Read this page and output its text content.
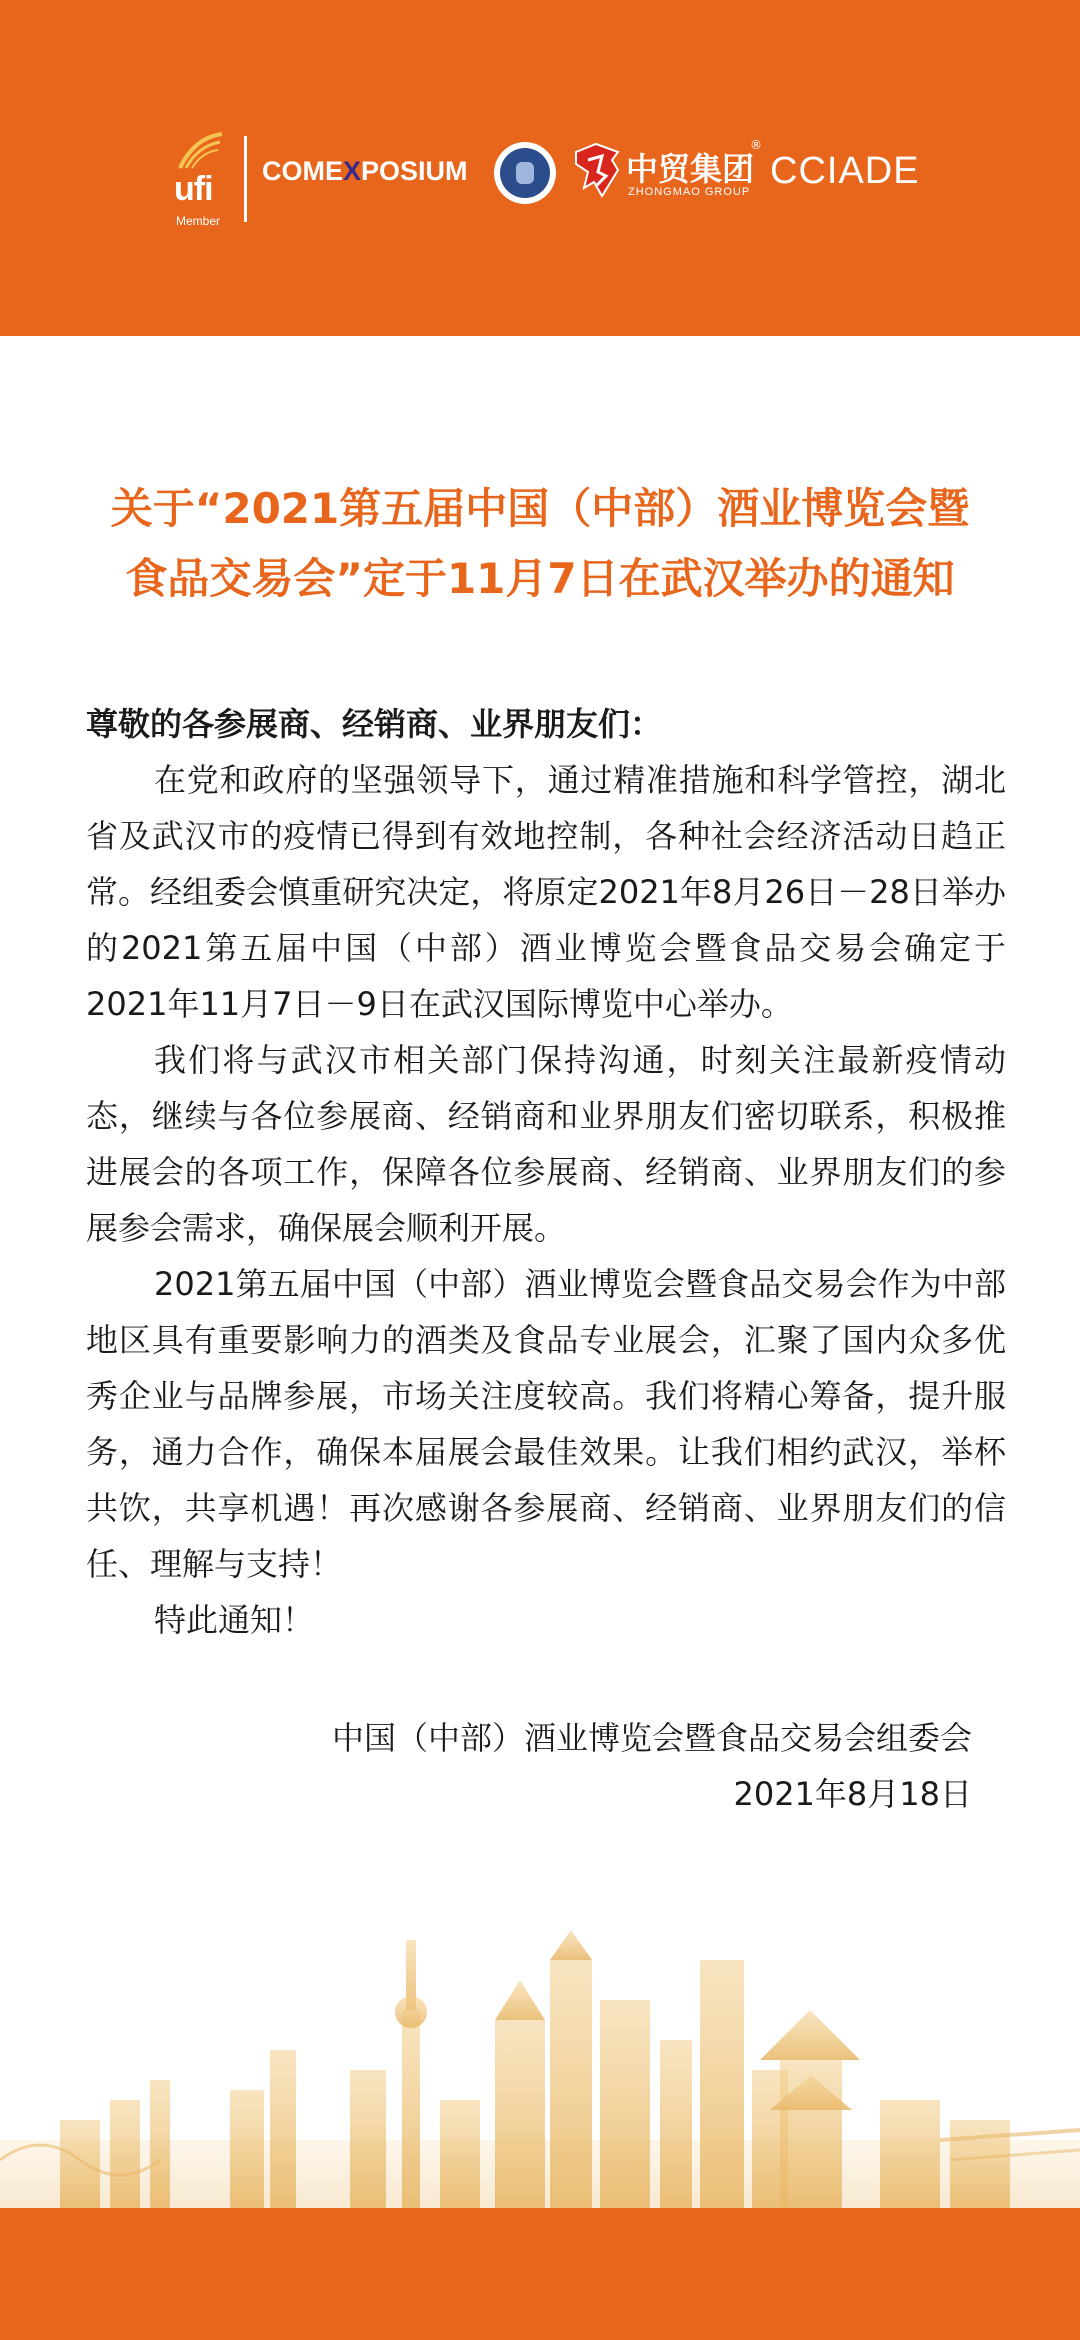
ufi
Member
COMEXPOSIUM	中贸集团
ZHONGMAO GROUP
®
CCIADE
关于“2021第五届中国（中部）酒业博览会暨
食品交易会”定于11月7日在武汉举办的通知
尊敬的各参展商、经销商、业界朋友们：

在党和政府的坚强领导下，通过精准措施和科学管控，湖北省及武汉市的疫情已得到有效地控制，各种社会经济活动日趋正常。经组委会慎重研究决定，将原定2021年8月26日－28日举办的2021第五届中国（中部）酒业博览会暨食品交易会确定于2021年11月7日－9日在武汉国际博览中心举办。

我们将与武汉市相关部门保持沟通，时刻关注最新疫情动态，继续与各位参展商、经销商和业界朋友们密切联系，积极推进展会的各项工作，保障各位参展商、经销商、业界朋友们的参展参会需求，确保展会顺利开展。

2021第五届中国（中部）酒业博览会暨食品交易会作为中部地区具有重要影响力的酒类及食品专业展会，汇聚了国内众多优秀企业与品牌参展，市场关注度较高。我们将精心筹备，提升服务，通力合作，确保本届展会最佳效果。让我们相约武汉，举杯共饮，共享机遇！再次感谢各参展商、经销商、业界朋友们的信任、理解与支持！

特此通知！

中国（中部）酒业博览会暨食品交易会组委会
2021年8月18日
